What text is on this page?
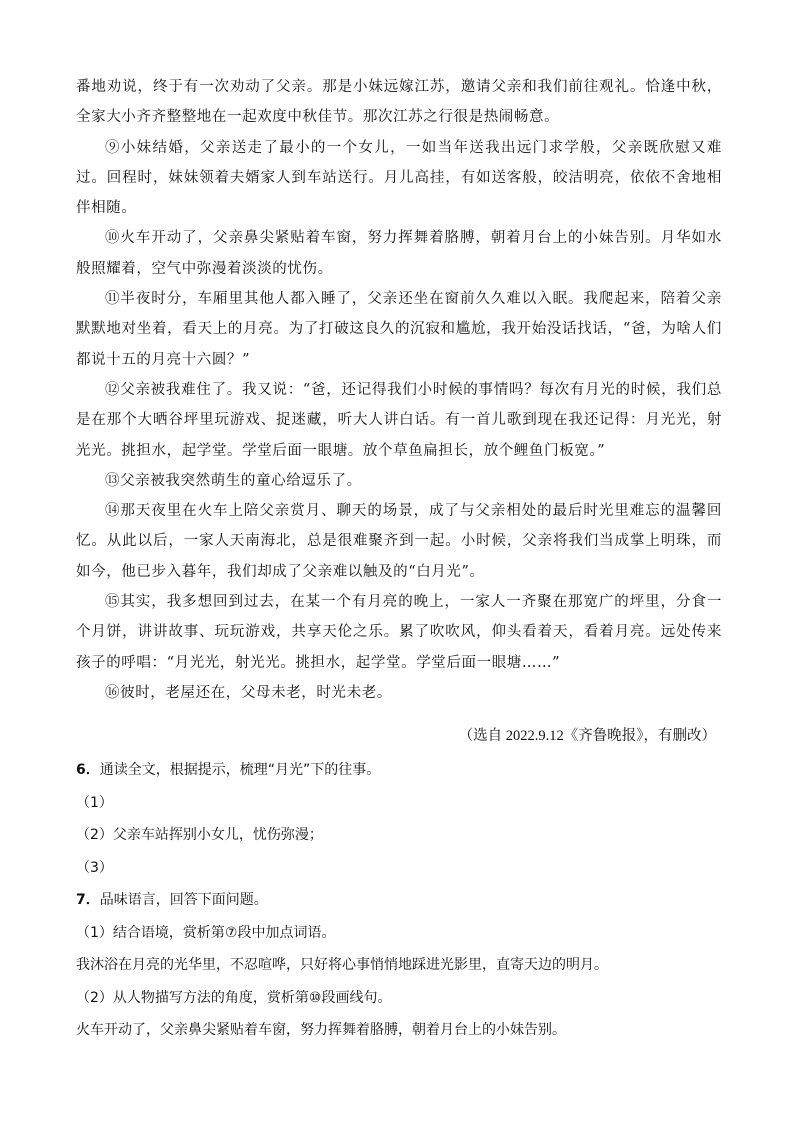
番地劝说，终于有一次劝动了父亲。那是小妹远嫁江苏，邀请父亲和我们前往观礼。恰逢中秋，全家大小齐齐整整地在一起欢度中秋佳节。那次江苏之行很是热闹畅意。

⑨小妹结婚，父亲送走了最小的一个女儿，一如当年送我出远门求学般，父亲既欣慰又难过。回程时，妹妹领着夫婿家人到车站送行。月儿高挂，有如送客般，皎洁明亮，依依不舍地相伴相随。

⑩火车开动了，父亲鼻尖紧贴着车窗，努力挥舞着胳膊，朝着月台上的小妹告别。月华如水般照耀着，空气中弥漫着淡淡的忧伤。

⑪半夜时分，车厢里其他人都入睡了，父亲还坐在窗前久久难以入眠。我爬起来，陪着父亲默默地对坐着，看天上的月亮。为了打破这良久的沉寂和尴尬，我开始没话找话，“爸，为啥人们都说十五的月亮十六圆？”

⑫父亲被我难住了。我又说：“爸，还记得我们小时候的事情吗？每次有月光的时候，我们总是在那个大晒谷坪里玩游戏、捉迷藏，听大人讲白话。有一首儿歌到现在我还记得：月光光，射光光。挑担水，起学堂。学堂后面一眼塘。放个草鱼扁担长，放个鲤鱼门板宽。”

⑬父亲被我突然萌生的童心给逗乐了。

⑭那天夜里在火车上陪父亲赏月、聊天的场景，成了与父亲相处的最后时光里难忘的温馨回忆。从此以后，一家人天南海北，总是很难聚齐到一起。小时候，父亲将我们当成掌上明珠，而如今，他已步入暮年，我们却成了父亲难以触及的“白月光”。

⑮其实，我多想回到过去，在某一个有月亮的晚上，一家人一齐聚在那宽广的坪里，分食一个月饼，讲讲故事、玩玩游戏，共享天伦之乐。累了吹吹风，仰头看着天，看着月亮。远处传来孩子的呼唱：“月光光，射光光。挑担水，起学堂。学堂后面一眼塘……”

⑯彼时，老屋还在，父母未老，时光未老。

（选自 2022.9.12《齐鲁晚报》，有删改）
6．通读全文，根据提示，梳理“月光”下的往事。
（1）
（2）父亲车站挥别小女儿，忧伤弥漫；
（3）
7．品味语言，回答下面问题。
（1）结合语境，赏析第⑦段中加点词语。
我沐浴在月亮的光华里，不忍喧哗，只好将心事悄悄地踩进光影里，直寄天边的明月。
（2）从人物描写方法的角度，赏析第⑩段画线句。
火车开动了，父亲鼻尖紧贴着车窗，努力挥舞着胳膊，朝着月台上的小妹告别。
